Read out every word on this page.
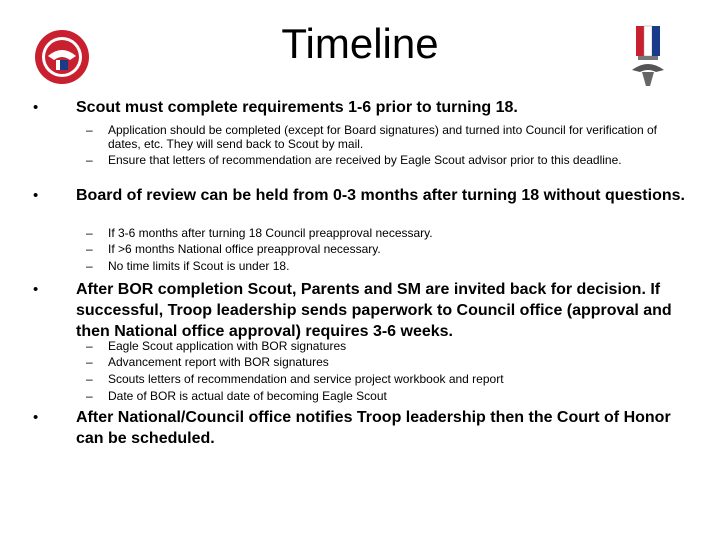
Timeline
• Scout must complete requirements 1-6 prior to turning 18.
– Application should be completed (except for Board signatures) and turned into Council for verification of dates, etc. They will send back to Scout by mail.
– Ensure that letters of recommendation are received by Eagle Scout advisor prior to this deadline.
• Board of review can be held from 0-3 months after turning 18 without questions.
– If 3-6 months after turning 18 Council preapproval necessary.
– If >6 months National office preapproval necessary.
– No time limits if Scout is under 18.
• After BOR completion Scout, Parents and SM are invited back for decision. If successful, Troop leadership sends paperwork to Council office (approval and then National office approval) requires 3-6 weeks.
– Eagle Scout application with BOR signatures
– Advancement report with BOR signatures
– Scouts letters of recommendation and service project workbook and report
– Date of BOR is actual date of becoming Eagle Scout
• After National/Council office notifies Troop leadership then the Court of Honor can be scheduled.
